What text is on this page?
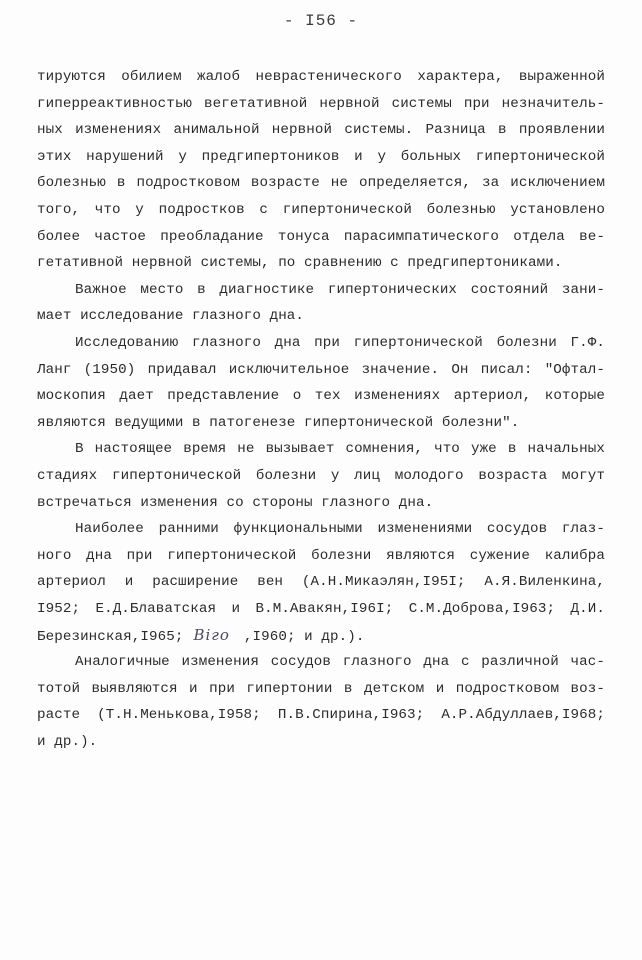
- I56 -
тируются обилием жалоб неврастенического характера, выраженной
гиперреактивностью вегетативной нервной системы при незначитель-
ных изменениях анимальной нервной системы. Разница в проявлении
этих нарушений у предгипертоников и у больных гипертонической
болезнью в подростковом возрасте не определяется, за исключением
того, что у подростков с гипертонической болезнью установлено
более частое преобладание тонуса парасимпатического отдела ве-
гетативной нервной системы, по сравнению с предгипертониками.
Важное место в диагностике гипертонических состояний зани-
мает исследование глазного дна.
Исследованию глазного дна при гипертонической болезни Г.Ф.
Ланг (1950) придавал исключительное значение. Он писал: "Офтал-
москопия дает представление о тех изменениях артериол, которые
являются ведущими в патогенезе гипертонической болезни".
В настоящее время не вызывает сомнения, что уже в начальных
стадиях гипертонической болезни у лиц молодого возраста могут
встречаться изменения со стороны глазного дна.
Наиболее ранними функциональными изменениями сосудов глаз-
ного дна при гипертонической болезни являются сужение калибра
артериол и расширение вен (А.Н.Микаэлян,I95I; А.Я.Виленкина,
I952; Е.Д.Блаватская и В.М.Авакян,I96I; С.М.Доброва,I963; Д.И.
Березинская,I965; Віго ,I960; и др.).
Аналогичные изменения сосудов глазного дна с различной час-
тотой выявляются и при гипертонии в детском и подростковом воз-
расте (Т.Н.Менькова,I958; П.В.Спирина,I963; А.Р.Абдуллаев,I968;
и др.).
